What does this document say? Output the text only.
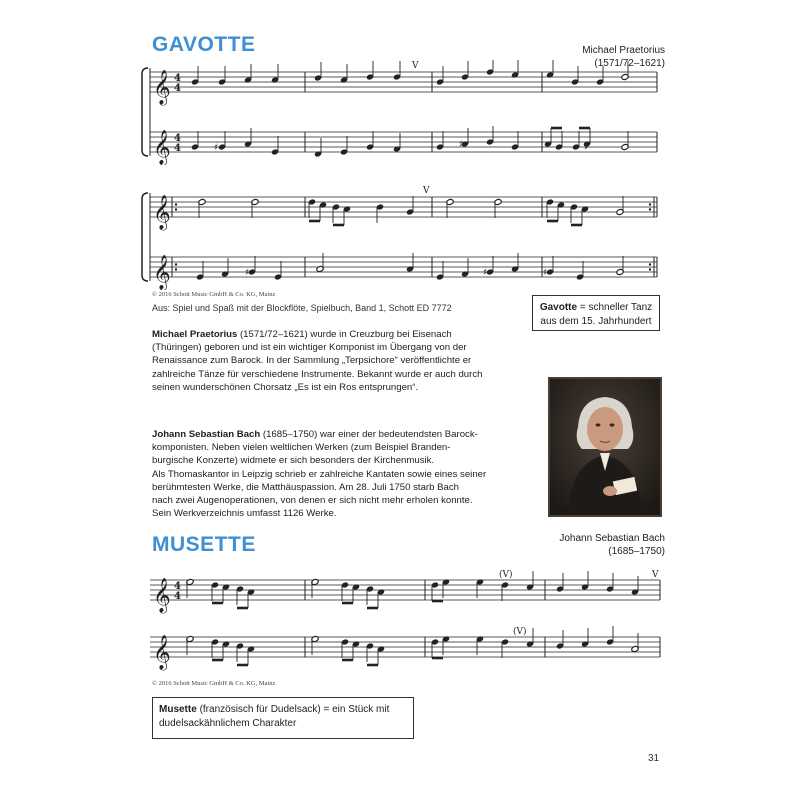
GAVOTTE	Michael Praetorius
(1571/72–1621)
𝄞 4
4
𝄞 4
4
V
♯	♯	♯
𝄞
𝄞
V
♯	♯	♯
© 2016 Schott Music GmbH & Co. KG, Mainz
Aus: Spiel und Spaß mit der Blockflöte, Spielbuch, Band 1, Schott ED 7772	Gavotte = schneller Tanz aus dem 15. Jahrhundert
Michael Praetorius (1571/72–1621) wurde in Creuzburg bei Eisenach (Thüringen) geboren und ist ein wichtiger Komponist im Übergang von der Renaissance zum Barock. In der Sammlung „Terpsichore“ veröffentlichte er zahlreiche Tänze für verschiedene Instrumente. Bekannt wurde er auch durch seinen wunderschönen Chorsatz „Es ist ein Ros entsprungen“.
Johann Sebastian Bach (1685–1750) war einer der bedeutendsten Barock-
komponisten. Neben vielen weltlichen Werken (zum Beispiel Branden-
burgische Konzerte) widmete er sich besonders der Kirchenmusik.
Als Thomaskantor in Leipzig schrieb er zahlreiche Kantaten sowie eines seiner
berühmtesten Werke, die Matthäuspassion. Am 28. Juli 1750 starb Bach
nach zwei Augenoperationen, von denen er sich nicht mehr erholen konnte.
Sein Werkverzeichnis umfasst 1126 Werke.
MUSETTE	Johann Sebastian Bach
(1685–1750)
𝄞 4
4
(V)	V
𝄞
(V)
© 2016 Schott Music GmbH & Co. KG, Mainz
Musette (französisch für Dudelsack) = ein Stück mit dudelsackähnlichem Charakter
31
